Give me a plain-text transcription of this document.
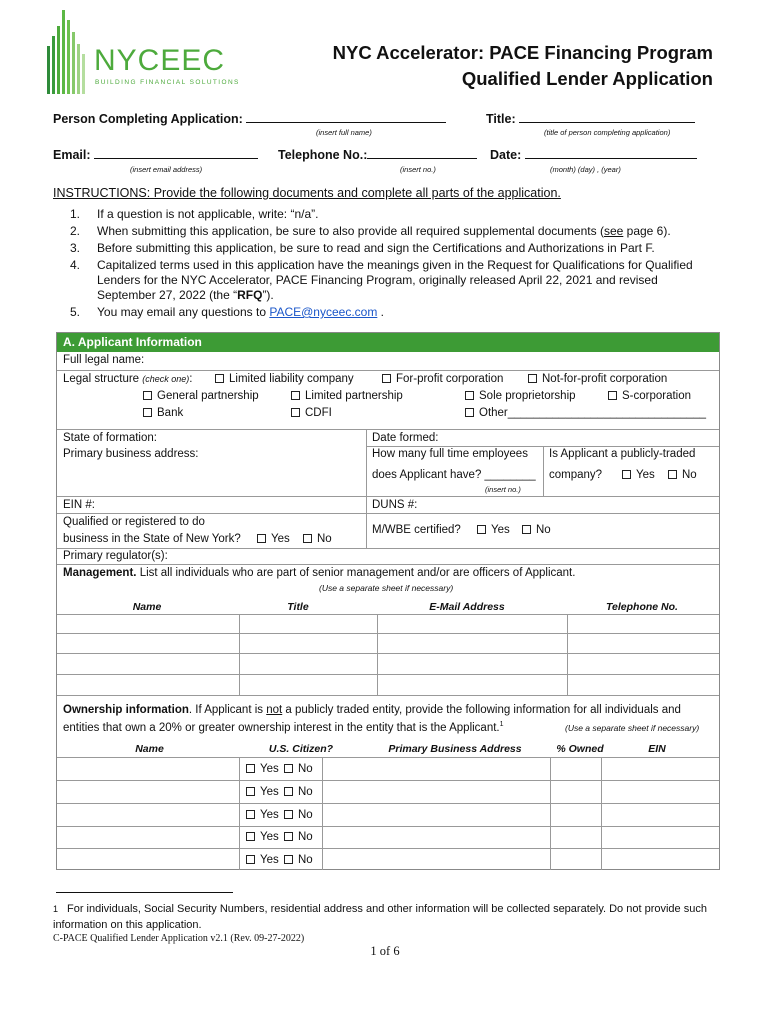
NYCEEC
BUILDING FINANCIAL SOLUTIONS
NYC Accelerator: PACE Financing Program
Qualified Lender Application
Person Completing Application:
(insert full name)
Title:
(title of person completing application)
Email:
(insert email address)
Telephone No.:
(insert no.)
Date:
(month) (day) , (year)
INSTRUCTIONS: Provide the following documents and complete all parts of the application.
1. If a question is not applicable, write: “n/a”.
2. When submitting this application, be sure to also provide all required supplemental documents (see page 6).
3. Before submitting this application, be sure to read and sign the Certifications and Authorizations in Part F.
4. Capitalized terms used in this application have the meanings given in the Request for Qualifications for Qualified Lenders for the NYC Accelerator, PACE Financing Program, originally released April 22, 2021 and revised September 27, 2022 (the “RFQ”).
5. You may email any questions to PACE@nyceec.com .
A. Applicant Information
Full legal name:
Legal structure (check one):	Limited liability company	For-profit corporation	Not-for-profit corporation
General partnership	Limited partnership	Sole proprietorship	S-corporation
Bank	CDFI	Other_______________________________
State of formation:	Date formed:
Primary business address:	How many full time employees
does Applicant have? ________
(insert no.)
Is Applicant a publicly-traded
company?	Yes	No
EIN #:	DUNS #:
Qualified or registered to do
business in the State of New York?	Yes	No
M/WBE certified?	Yes	No
Primary regulator(s):
Management. List all individuals who are part of senior management and/or are officers of Applicant.
(Use a separate sheet if necessary)
Name	Title	E-Mail Address	Telephone No.
Ownership information. If Applicant is not a publicly traded entity, provide the following information for all individuals and
entities that own a 20% or greater ownership interest in the entity that is the Applicant.$^1$	(Use a separate sheet if necessary)
Name	U.S. Citizen?	Primary Business Address	% Owned	EIN
Yes No
Yes No
Yes No
Yes No
Yes No
1 For individuals, Social Security Numbers, residential address and other information will be collected separately. Do not provide such information on this application.
C-PACE Qualified Lender Application v2.1 (Rev. 09-27-2022)
1 of 6
